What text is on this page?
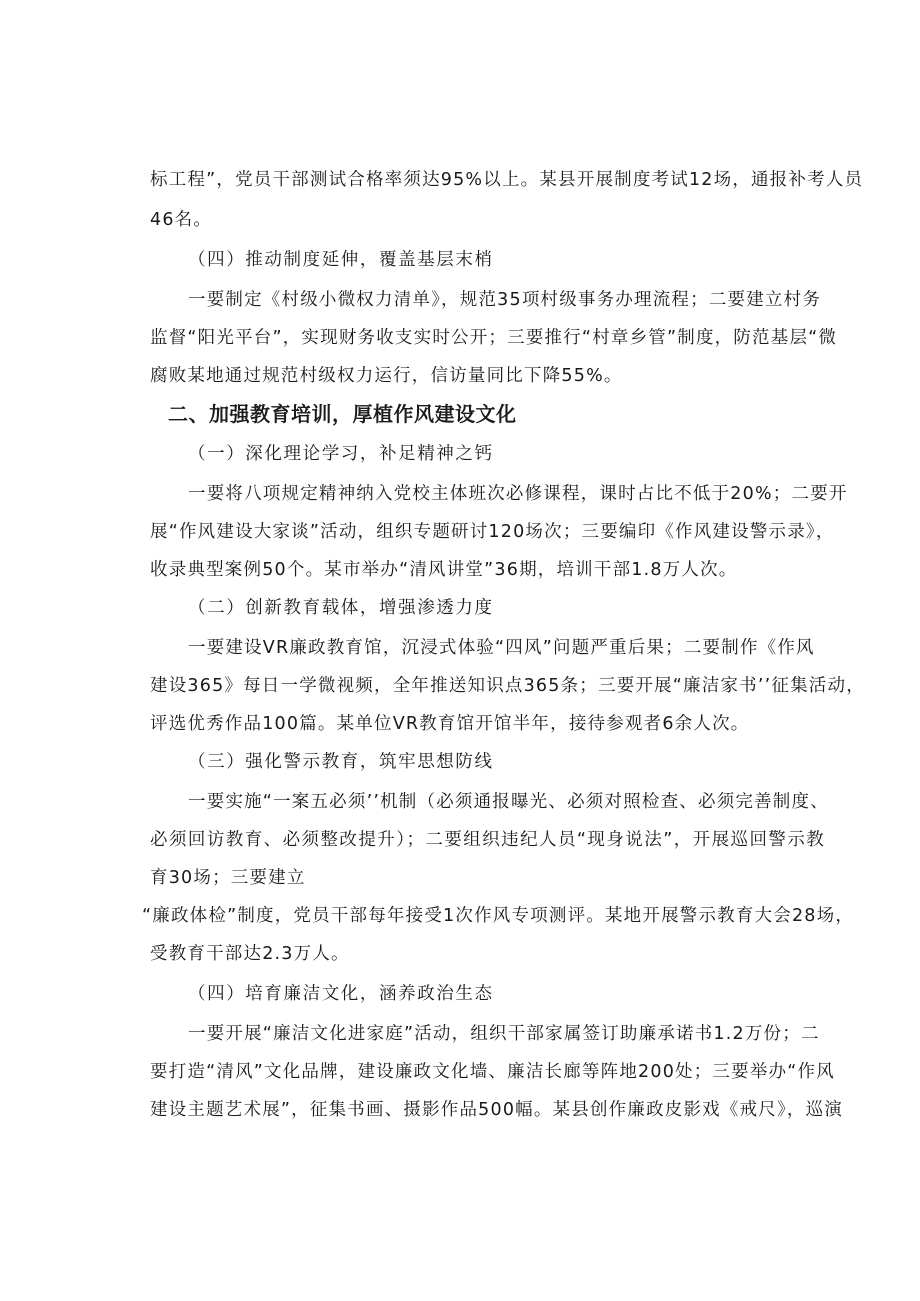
标工程”，党员干部测试合格率须达95%以上。某县开展制度考试12场，通报补考人员
46名。
（四）推动制度延伸，覆盖基层末梢
一要制定《村级小微权力清单》，规范35项村级事务办理流程；二要建立村务
监督“阳光平台”，实现财务收支实时公开；三要推行“村章乡管”制度，防范基层“微
腐败某地通过规范村级权力运行，信访量同比下降55%。
二、加强教育培训，厚植作风建设文化
（一）深化理论学习，补足精神之钙
一要将八项规定精神纳入党校主体班次必修课程，课时占比不低于20%；二要开
展“作风建设大家谈”活动，组织专题研讨120场次；三要编印《作风建设警示录》，
收录典型案例50个。某市举办“清风讲堂”36期，培训干部1.8万人次。
（二）创新教育载体，增强渗透力度
一要建设VR廉政教育馆，沉浸式体验“四风”问题严重后果；二要制作《作风
建设365》每日一学微视频，全年推送知识点365条；三要开展“廉洁家书’’征集活动，
评选优秀作品100篇。某单位VR教育馆开馆半年，接待参观者6余人次。
（三）强化警示教育，筑牢思想防线
一要实施“一案五必须’’机制（必须通报曝光、必须对照检查、必须完善制度、
必须回访教育、必须整改提升）；二要组织违纪人员“现身说法”，开展巡回警示教
育30场；三要建立
“廉政体检”制度，党员干部每年接受1次作风专项测评。某地开展警示教育大会28场，
受教育干部达2.3万人。
（四）培育廉洁文化，涵养政治生态
一要开展“廉洁文化进家庭”活动，组织干部家属签订助廉承诺书1.2万份；二
要打造“清风”文化品牌，建设廉政文化墙、廉洁长廊等阵地200处；三要举办“作风
建设主题艺术展”，征集书画、摄影作品500幅。某县创作廉政皮影戏《戒尺》，巡演
